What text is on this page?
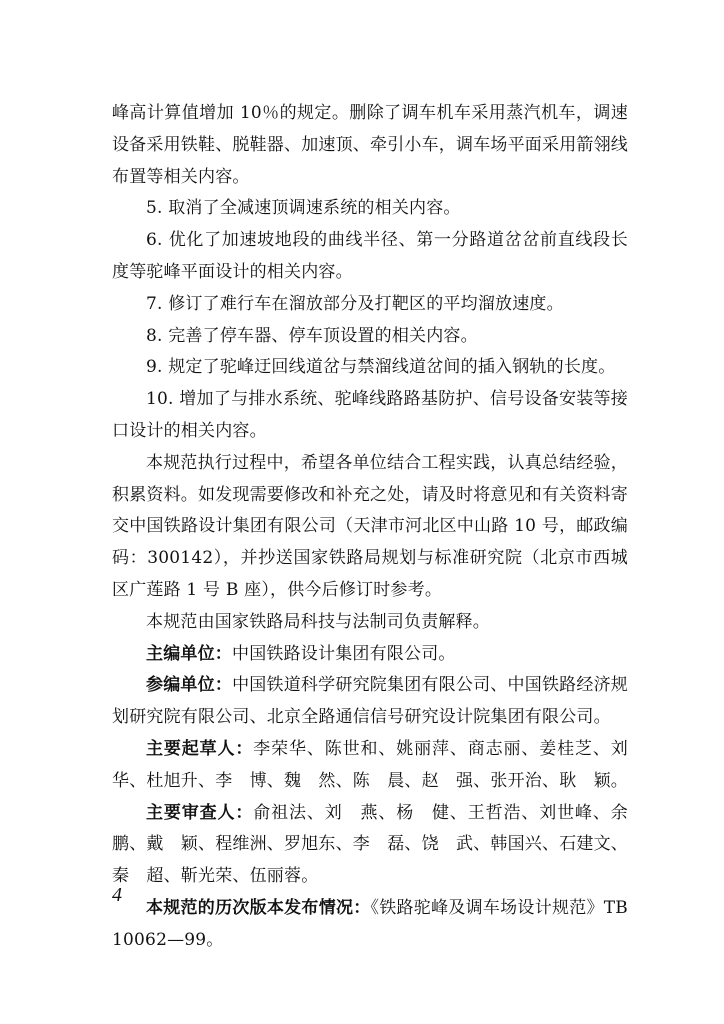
峰高计算值增加 10％的规定。删除了调车机车采用蒸汽机车，调速设备采用铁鞋、脱鞋器、加速顶、牵引小车，调车场平面采用箭翎线布置等相关内容。

5. 取消了全减速顶调速系统的相关内容。

6. 优化了加速坡地段的曲线半径、第一分路道岔岔前直线段长度等驼峰平面设计的相关内容。

7. 修订了难行车在溜放部分及打靶区的平均溜放速度。

8. 完善了停车器、停车顶设置的相关内容。

9. 规定了驼峰迂回线道岔与禁溜线道岔间的插入钢轨的长度。

10. 增加了与排水系统、驼峰线路路基防护、信号设备安装等接口设计的相关内容。

本规范执行过程中，希望各单位结合工程实践，认真总结经验，积累资料。如发现需要修改和补充之处，请及时将意见和有关资料寄交中国铁路设计集团有限公司（天津市河北区中山路 10 号，邮政编码：300142），并抄送国家铁路局规划与标准研究院（北京市西城区广莲路 1 号 B 座），供今后修订时参考。

本规范由国家铁路局科技与法制司负责解释。

主编单位：中国铁路设计集团有限公司。

参编单位：中国铁道科学研究院集团有限公司、中国铁路经济规划研究院有限公司、北京全路通信信号研究设计院集团有限公司。

主要起草人：李荣华、陈世和、姚丽萍、商志丽、姜桂芝、刘　华、杜旭升、李　博、魏　然、陈　晨、赵　强、张开治、耿　颖。

主要审查人：俞祖法、刘　燕、杨　健、王哲浩、刘世峰、余　鹏、戴　颖、程维洲、罗旭东、李　磊、饶　武、韩国兴、石建文、秦　超、靳光荣、伍丽蓉。

本规范的历次版本发布情况：《铁路驼峰及调车场设计规范》TB 10062—99。

4
